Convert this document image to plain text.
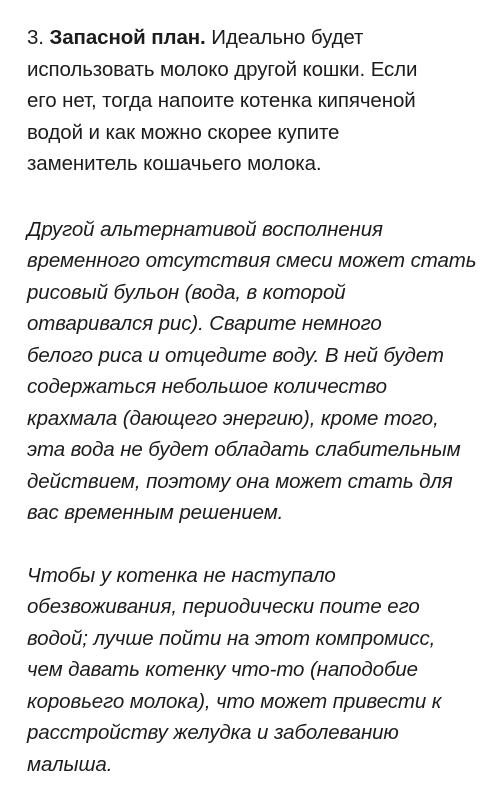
3. Запасной план. Идеально будет
использовать молоко другой кошки. Если
его нет, тогда напоите котенка кипяченой
водой и как можно скорее купите
заменитель кошачьего молока.

Другой альтернативой восполнения
временного отсутствия смеси может стать
рисовый бульон (вода, в которой
отваривался рис). Сварите немного
белого риса и отцедите воду. В ней будет
содержаться небольшое количество
крахмала (дающего энергию), кроме того,
эта вода не будет обладать слабительным
действием, поэтому она может стать для
вас временным решением.

Чтобы у котенка не наступало
обезвоживания, периодически поите его
водой; лучше пойти на этот компромисс,
чем давать котенку что-то (наподобие
коровьего молока), что может привести к
расстройству желудка и заболеванию
малыша.
